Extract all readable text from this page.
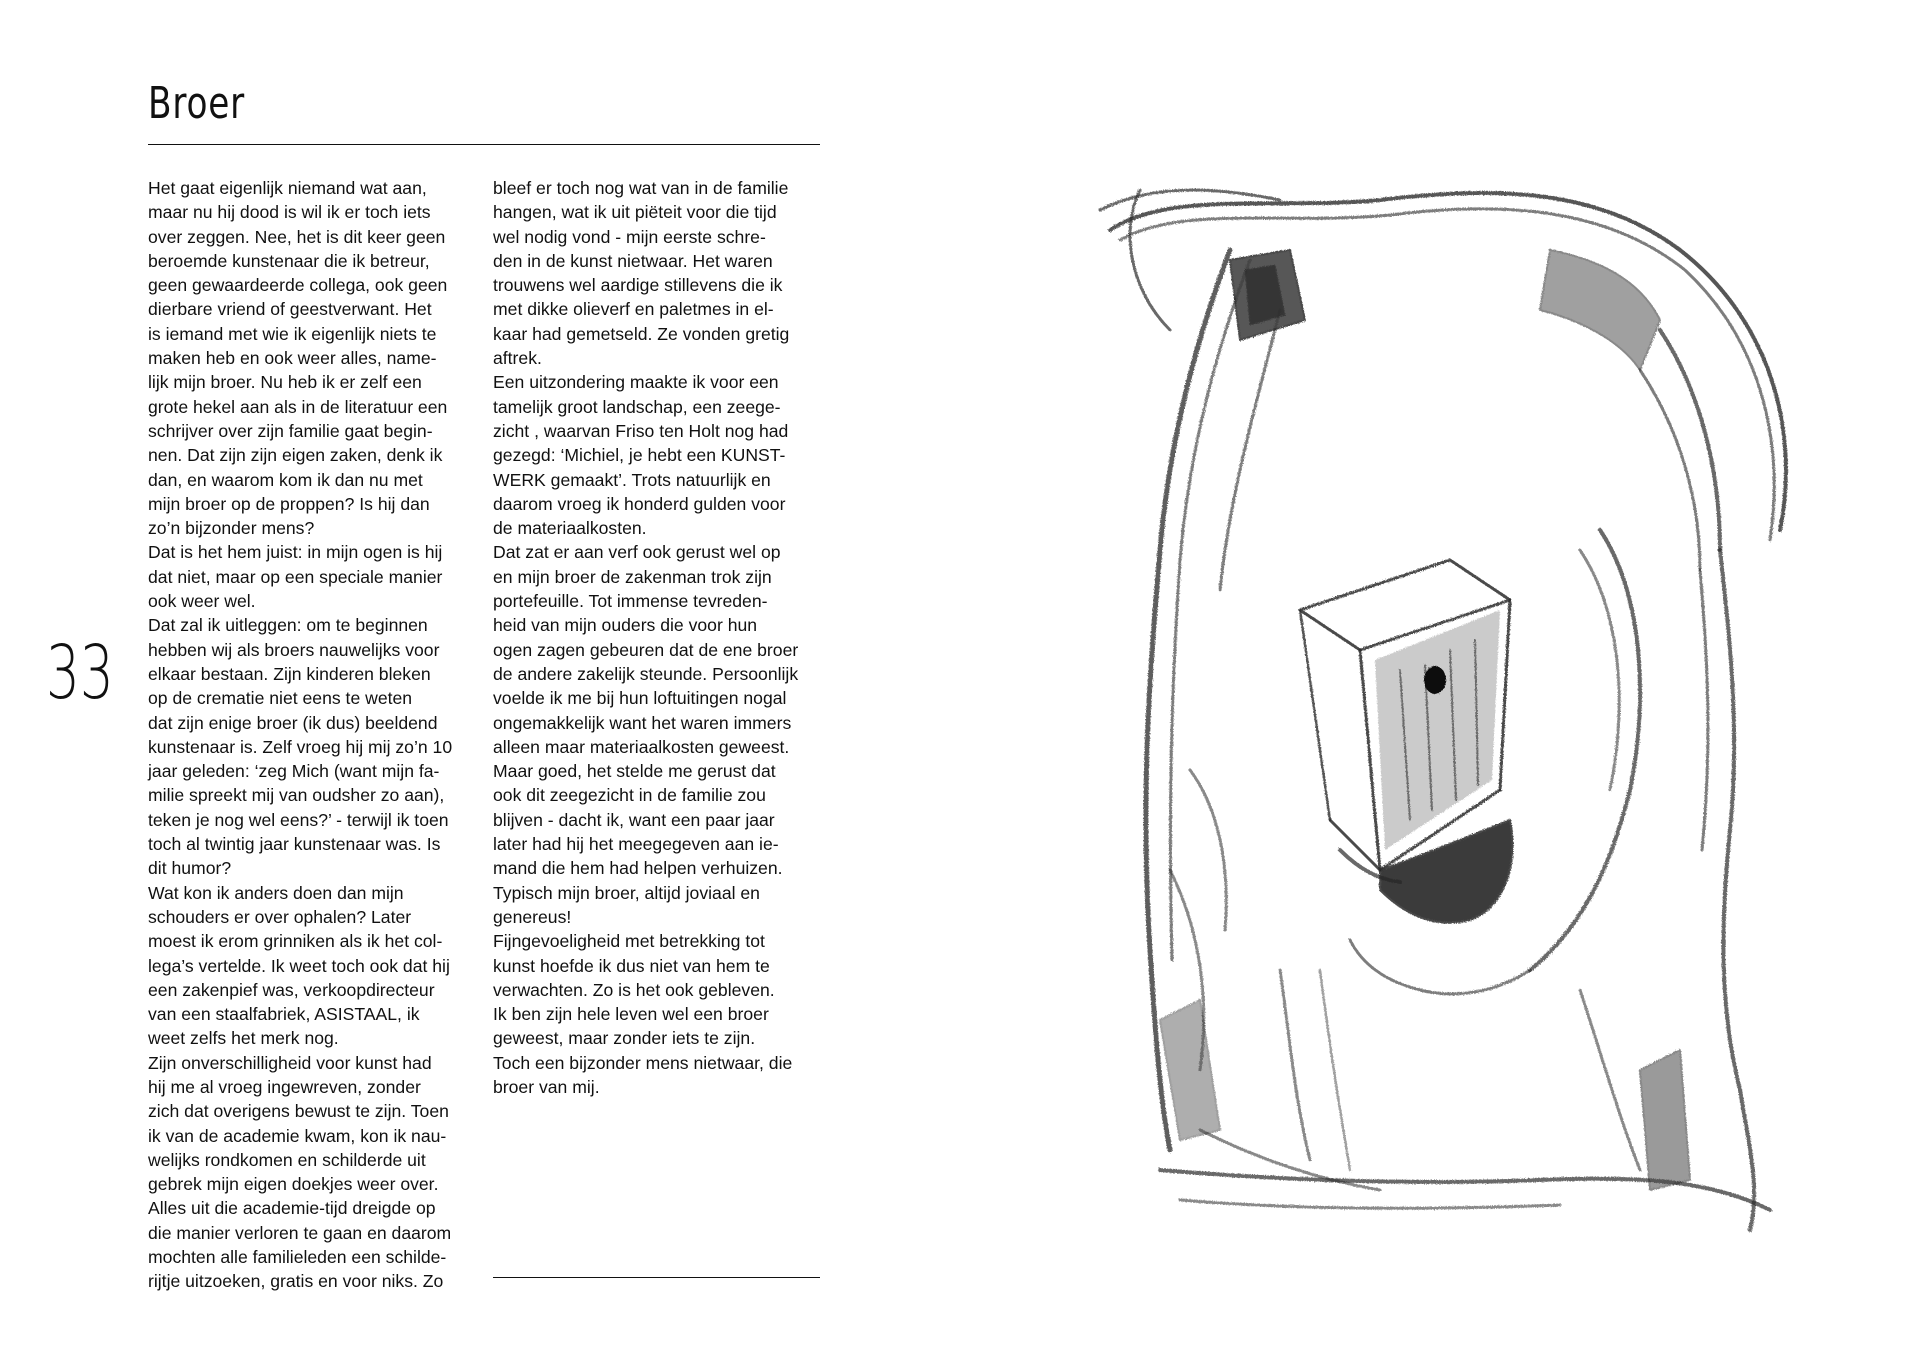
Broer
33
Het gaat eigenlijk niemand wat aan,
maar nu hij dood is wil ik er toch iets
over zeggen. Nee, het is dit keer geen
beroemde kunstenaar die ik betreur,
geen gewaardeerde collega, ook geen
dierbare vriend of geestverwant. Het
is iemand met wie ik eigenlijk niets te
maken heb en ook weer alles, name-
lijk mijn broer. Nu heb ik er zelf een
grote hekel aan als in de literatuur een
schrijver over zijn familie gaat begin-
nen. Dat zijn zijn eigen zaken, denk ik
dan, en waarom kom ik dan nu met
mijn broer op de proppen? Is hij dan
zo’n bijzonder mens?
Dat is het hem juist: in mijn ogen is hij
dat niet, maar op een speciale manier
ook weer wel.
Dat zal ik uitleggen: om te beginnen
hebben wij als broers nauwelijks voor
elkaar bestaan. Zijn kinderen bleken
op de crematie niet eens te weten
dat zijn enige broer (ik dus) beeldend
kunstenaar is. Zelf vroeg hij mij zo’n 10
jaar geleden: ‘zeg Mich (want mijn fa-
milie spreekt mij van oudsher zo aan),
teken je nog wel eens?’ - terwijl ik toen
toch al twintig jaar kunstenaar was. Is
dit humor?
Wat kon ik anders doen dan mijn
schouders er over ophalen? Later
moest ik erom grinniken als ik het col-
lega’s vertelde. Ik weet toch ook dat hij
een zakenpief was, verkoopdirecteur
van een staalfabriek, ASISTAAL, ik
weet zelfs het merk nog.
Zijn onverschilligheid voor kunst had
hij me al vroeg ingewreven, zonder
zich dat overigens bewust te zijn. Toen
ik van de academie kwam, kon ik nau-
welijks rondkomen en schilderde uit
gebrek mijn eigen doekjes weer over.
Alles uit die academie-tijd dreigde op
die manier verloren te gaan en daarom
mochten alle familieleden een schilde-
rijtje uitzoeken, gratis en voor niks. Zo
bleef er toch nog wat van in de familie
hangen, wat ik uit piëteit voor die tijd
wel nodig vond - mijn eerste schre-
den in de kunst nietwaar. Het waren
trouwens wel aardige stillevens die ik
met dikke olieverf en paletmes in el-
kaar had gemetseld. Ze vonden gretig
aftrek.
Een uitzondering maakte ik voor een
tamelijk groot landschap, een zeege-
zicht , waarvan Friso ten Holt nog had
gezegd: ‘Michiel, je hebt een KUNST-
WERK gemaakt’. Trots natuurlijk en
daarom vroeg ik honderd gulden voor
de materiaalkosten.
Dat zat er aan verf ook gerust wel op
en mijn broer de zakenman trok zijn
portefeuille. Tot immense tevreden-
heid van mijn ouders die voor hun
ogen zagen gebeuren dat de ene broer
de andere zakelijk steunde. Persoonlijk
voelde ik me bij hun loftuitingen nogal
ongemakkelijk want het waren immers
alleen maar materiaalkosten geweest.
Maar goed, het stelde me gerust dat
ook dit zeegezicht in de familie zou
blijven - dacht ik, want een paar jaar
later had hij het meegegeven aan ie-
mand die hem had helpen verhuizen.
Typisch mijn broer, altijd joviaal en
genereus!
Fijngevoeligheid met betrekking tot
kunst hoefde ik dus niet van hem te
verwachten. Zo is het ook gebleven.
Ik ben zijn hele leven wel een broer
geweest, maar zonder iets te zijn.
Toch een bijzonder mens nietwaar, die
broer van mij.
